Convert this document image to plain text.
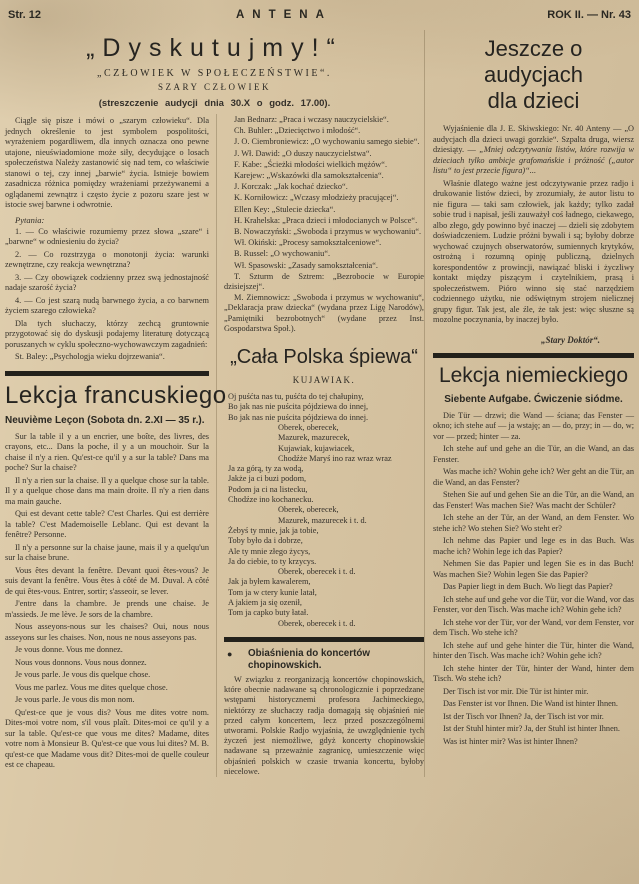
Str. 12	ANTENA	ROK II. — Nr. 43
„Dyskutujmy!“
„CZŁOWIEK W SPOŁECZEŃSTWIE“.
SZARY CZŁOWIEK
(streszczenie audycji dnia 30.X o godz. 17.00).

Ciągle się pisze i mówi o „szarym człowieku“. Dla jednych określenie to jest symbolem pospolitości, wyrażeniem pogardliwem, dla innych oznacza ono pewne utajone, nieuświadomione może siły, decydujące o losach społeczeństwa Należy zastanowić się nad tem, co właściwie stanowi o tej, czy innej „barwie“ życia. Istnieje bowiem zasadnicza różnica pomiędzy wrażeniami przeżywanemi a oglądanemi zewnątrz i często życie z pozoru szare jest w istocie swej barwne i odwrotnie.

Pytania:

1. — Co właściwie rozumiemy przez słowa „szare“ i „barwne“ w odniesieniu do życia?

2. — Co rozstrzyga o monotonji życia: warunki zewnętrzne, czy reakcja wewnętrzna?

3. — Czy obowiązek codzienny przez swą jednostajność nadaje szarość życia?

4. — Co jest szarą nudą barwnego życia, a co barwnem życiem szarego człowieka?

Dla tych słuchaczy, którzy zechcą gruntownie przygotować się do dyskusji podajemy literaturę dotyczącą poruszanych w cyklu społeczno-wychowawczym zagadnień:

St. Baley: „Psychologja wieku dojrzewania“.

Lekcja francuskiego
Neuvième Leçon (Sobota dn. 2.XI — 35 r.).

Sur la table il y a un encrier, une boîte, des livres, des crayons, etc... Dans la poche, il y a un mouchoir. Sur la chaise il n'y a rien. Qu'est-ce qu'il y a sur la table? Dans ma poche? Sur la chaise?

Il n'y a rien sur la chaise. Il y a quelque chose sur la table. Il y a quelque chose dans ma main droite. Il n'y a rien dans ma main gauche.

Qui est devant cette table? C'est Charles. Qui est derrière la table? C'est Mademoiselle Leblanc. Qui est devant la fenêtre? Personne.

Il n'y a personne sur la chaise jaune, mais il y a quelqu'un sur la chaise brune.

Vous êtes devant la fenêtre. Devant quoi êtes-vous? Je suis devant la fenêtre. Vous êtes à côté de M. Duval. A côté de qui êtes-vous. Entrer, sortir; s'asseoir, se lever.

J'entre dans la chambre. Je prends une chaise. Je m'assieds. Je me lève. Je sors de la chambre.

Nous asseyons-nous sur les chaises? Oui, nous nous asseyons sur les chaises. Non, nous ne nous asseyons pas.

Je vous donne. Vous me donnez.

Nous vous donnons. Vous nous donnez.

Je vous parle. Je vous dis quelque chose.

Vous me parlez. Vous me dites quelque chose.

Je vous parle. Je vous dis mon nom.

Qu'est-ce que je vous dis? Vous me dites votre nom. Dites-moi votre nom, s'il vous plaît. Dites-moi ce qu'il y a sur la table. Qu'est-ce que vous me dites? Madame, dites votre nom à Monsieur B. Qu'est-ce que vous lui dites? M. B. qu'est-ce que Madame vous dit? Dites-moi de quelle couleur est ce chapeau.

Jan Bednarz: „Praca i wczasy nauczycielskie“.

Ch. Buhler: „Dziecięctwo i młodość“.

J. O. Ciembroniewicz: „O wychowaniu samego siebie“.

J. Wł. Dawid: „O duszy nauczycielstwa“.

F. Kabe: „Ścieżki młodości wielkich mężów“.

Karejew: „Wskazówki dla samokształcenia“.

J. Korczak: „Jak kochać dziecko“.

K. Korniłowicz: „Wczasy młodzieży pracującej“.

Ellen Key: „Stulecie dziecka“.

H. Krahelska: „Praca dzieci i młodocianych w Polsce“.

B. Nowaczyński: „Swoboda i przymus w wychowaniu“.

Wł. Okiński: „Procesy samokształceniowe“.

B. Russel: „O wychowaniu“.

Wł. Spasowski: „Zasady samokształcenia“.

T. Szturm de Sztrem: „Bezrobocie w Europie dzisiejszej“.

M. Ziemnowicz: „Swoboda i przymus w wychowaniu“, „Deklaracja praw dziecka“ (wydana przez Ligę Narodów), „Pamiętniki bezrobotnych“ (wydane przez Inst. Gospodarstwa Społ.).

„Cała Polska śpiewa“
KUJAWIAK.
Oj puśćta nas tu, puśćta do tej chałupiny,
Bo jak nas nie puścita pójdziewa do innej,
Bo jak nas nie puścita pójdziewa do innej.
Oberek, oberecek,
Mazurek, mazurecek,
Kujawiak, kujawiacek,
Chodźże Maryś ino raz wraz wraz
Ja za górą, ty za wodą,
Jakże ja ci buzi podom,
Podom ja ci na listecku,
Chodźze ino kochanecku.
Oberek, oberecek,
Mazurek, mazurecek i t. d.
Żebyś ty mnie, jak ja tobie,
Toby było da i dobrze,
Ale ty mnie złego życys,
Ja do ciebie, to ty krzycys.
Oberek, oberecek i t. d.
Jak ja byłem kawalerem,
Tom ja w ctery kunie latał,
A jakiem ja się ozenił,
Tom ja capko buty łatał.
Oberek, oberecek i t. d.
● Obiaśnienia do koncertów chopinowskich.

W związku z reorganizacją koncertów chopinowskich, które obecnie nadawane są chronologicznie i poprzedzane wstępami historycznemi profesora Jachimeckiego, niektórzy ze słuchaczy radja domagają się objaśnień nie przed całym koncertem, lecz przed poszczególnemi utworami. Polskie Radjo wyjaśnia, że uwzględnienie tych życzeń jest niemożliwe, gdyż koncerty chopinowskie nadawane są przeważnie zagranicę, umieszczenie więc objaśnień polskich w czasie trwania koncertu, byłoby niecelowe.

Jeszcze o audycjach
dla dzieci

Wyjaśnienie dla J. E. Skiwskiego: Nr. 40 Anteny — „O audycjach dla dzieci uwagi gorzkie“. Szpalta druga, wiersz dziesiąty. — „Mniej odczytywania listów, które rozwija w dzieciach tylko ambicje grafomańskie i próżność („autor listu“ to jest przecie figura)“...

Właśnie dlatego ważne jest odczytywanie przez radjo i drukowanie listów dzieci, by zrozumiały, że autor listu to nie figura — taki sam człowiek, jak każdy; tylko zadał sobie trud i napisał, jeśli zauważył coś ładnego, ciekawego, albo złego, gdy powinno być inaczej — dzieli się zdobytem doświadczeniem. Ludzie próżni bywali i są; byłoby dobrze wychować czujnych obserwatorów, sumiennych krytyków, ostrożną i rozumną opinję publiczną, dzielnych korespondentów z prowincji, nawiązać bliski i życzliwy kontakt między piszącym i czytelnikiem, prasą i społeczeństwem. Pióro winno się stać narzędziem codziennego użytku, nie odświętnym strojem nielicznej grupy figur. Tak jest, ale źle, że tak jest: więc słuszne są mozolne poczynania, by inaczej było.

„Stary Doktór“.
Lekcja niemieckiego
Siebente Aufgabe. Ćwiczenie siódme.

Die Tür — drzwi; die Wand — ściana; das Fenster — okno; ich stehe auf — ja wstaję; an — do, przy; in — do, w; vor — przed; hinter — za.

Ich stehe auf und gehe an die Tür, an die Wand, an das Fenster.

Was mache ich? Wohin gehe ich? Wer geht an die Tür, an die Wand, an das Fenster?

Stehen Sie auf und gehen Sie an die Tür, an die Wand, an das Fenster! Was machen Sie? Was macht der Schüler?

Ich stehe an der Tür, an der Wand, an dem Fenster. Wo stehe ich? Wo stehen Sie? Wo steht er?

Ich nehme das Papier und lege es in das Buch. Was mache ich? Wohin lege ich das Papier?

Nehmen Sie das Papier und legen Sie es in das Buch! Was machen Sie? Wohin legen Sie das Papier?

Das Papier liegt in dem Buch. Wo liegt das Papier?

Ich stehe auf und gehe vor die Tür, vor die Wand, vor das Fenster, vor den Tisch. Was mache ich? Wohin gehe ich?

Ich stehe vor der Tür, vor der Wand, vor dem Fenster, vor dem Tisch. Wo stehe ich?

Ich stehe auf und gehe hinter die Tür, hinter die Wand, hinter den Tisch. Was mache ich? Wohin gehe ich?

Ich stehe hinter der Tür, hinter der Wand, hinter dem Tisch. Wo stehe ich?

Der Tisch ist vor mir. Die Tür ist hinter mir.

Das Fenster ist vor Ihnen. Die Wand ist hinter Ihnen.

Ist der Tisch vor Ihnen? Ja, der Tisch ist vor mir.

Ist der Stuhl hinter mir? Ja, der Stuhl ist hinter Ihnen.

Was ist hinter mir? Was ist hinter Ihnen?
